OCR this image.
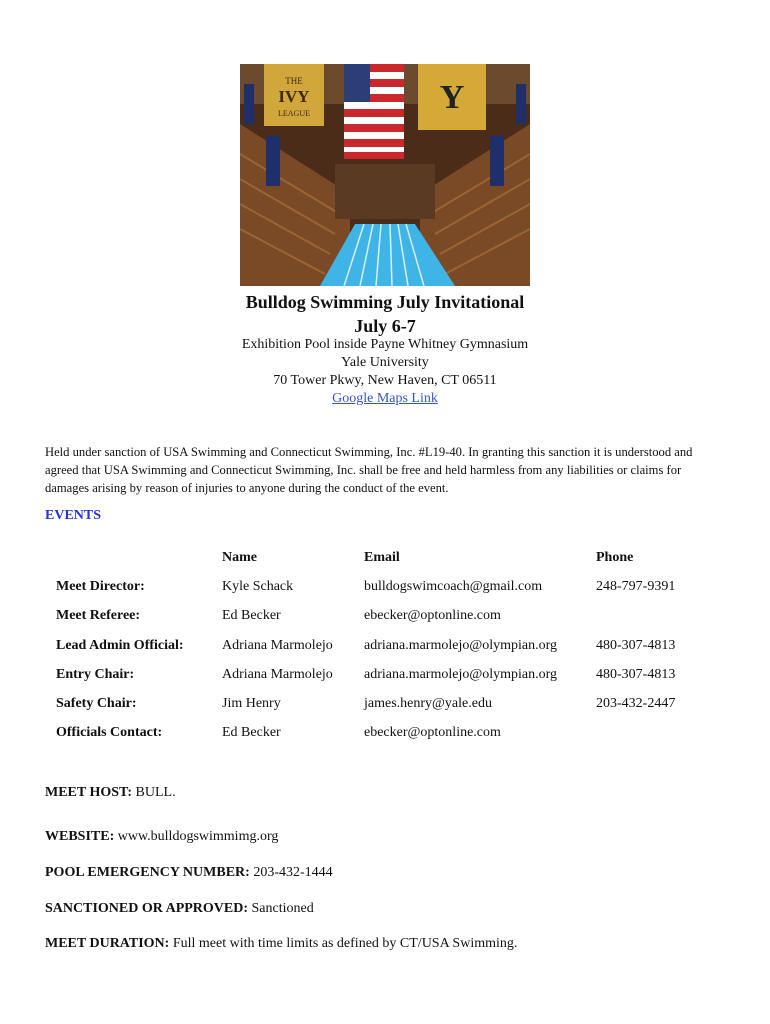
THE
IVY
LEAGUE	Y
Bulldog Swimming July Invitational
July 6-7
Exhibition Pool inside Payne Whitney Gymnasium
Yale University
70 Tower Pkwy, New Haven, CT 06511
Google Maps Link
Held under sanction of USA Swimming and Connecticut Swimming, Inc. #L19-40. In granting this sanction it is understood and agreed that USA Swimming and Connecticut Swimming, Inc. shall be free and held harmless from any liabilities or claims for damages arising by reason of injuries to anyone during the conduct of the event.
EVENTS
Name	Email	Phone
Meet Director:	Kyle Schack	bulldogswimcoach@gmail.com	248-797-9391
Meet Referee:	Ed Becker	ebecker@optonline.com
Lead Admin Official:	Adriana Marmolejo adriana.marmolejo@olympian.org	480-307-4813
Entry Chair:	Adriana Marmolejo adriana.marmolejo@olympian.org	480-307-4813
Safety Chair:	Jim Henry	james.henry@yale.edu	203-432-2447
Officials Contact:	Ed Becker	ebecker@optonline.com
MEET HOST: BULL.
WEBSITE: www.bulldogswimmimg.org
POOL EMERGENCY NUMBER: 203-432-1444
SANCTIONED OR APPROVED: Sanctioned
MEET DURATION: Full meet with time limits as defined by CT/USA Swimming.
